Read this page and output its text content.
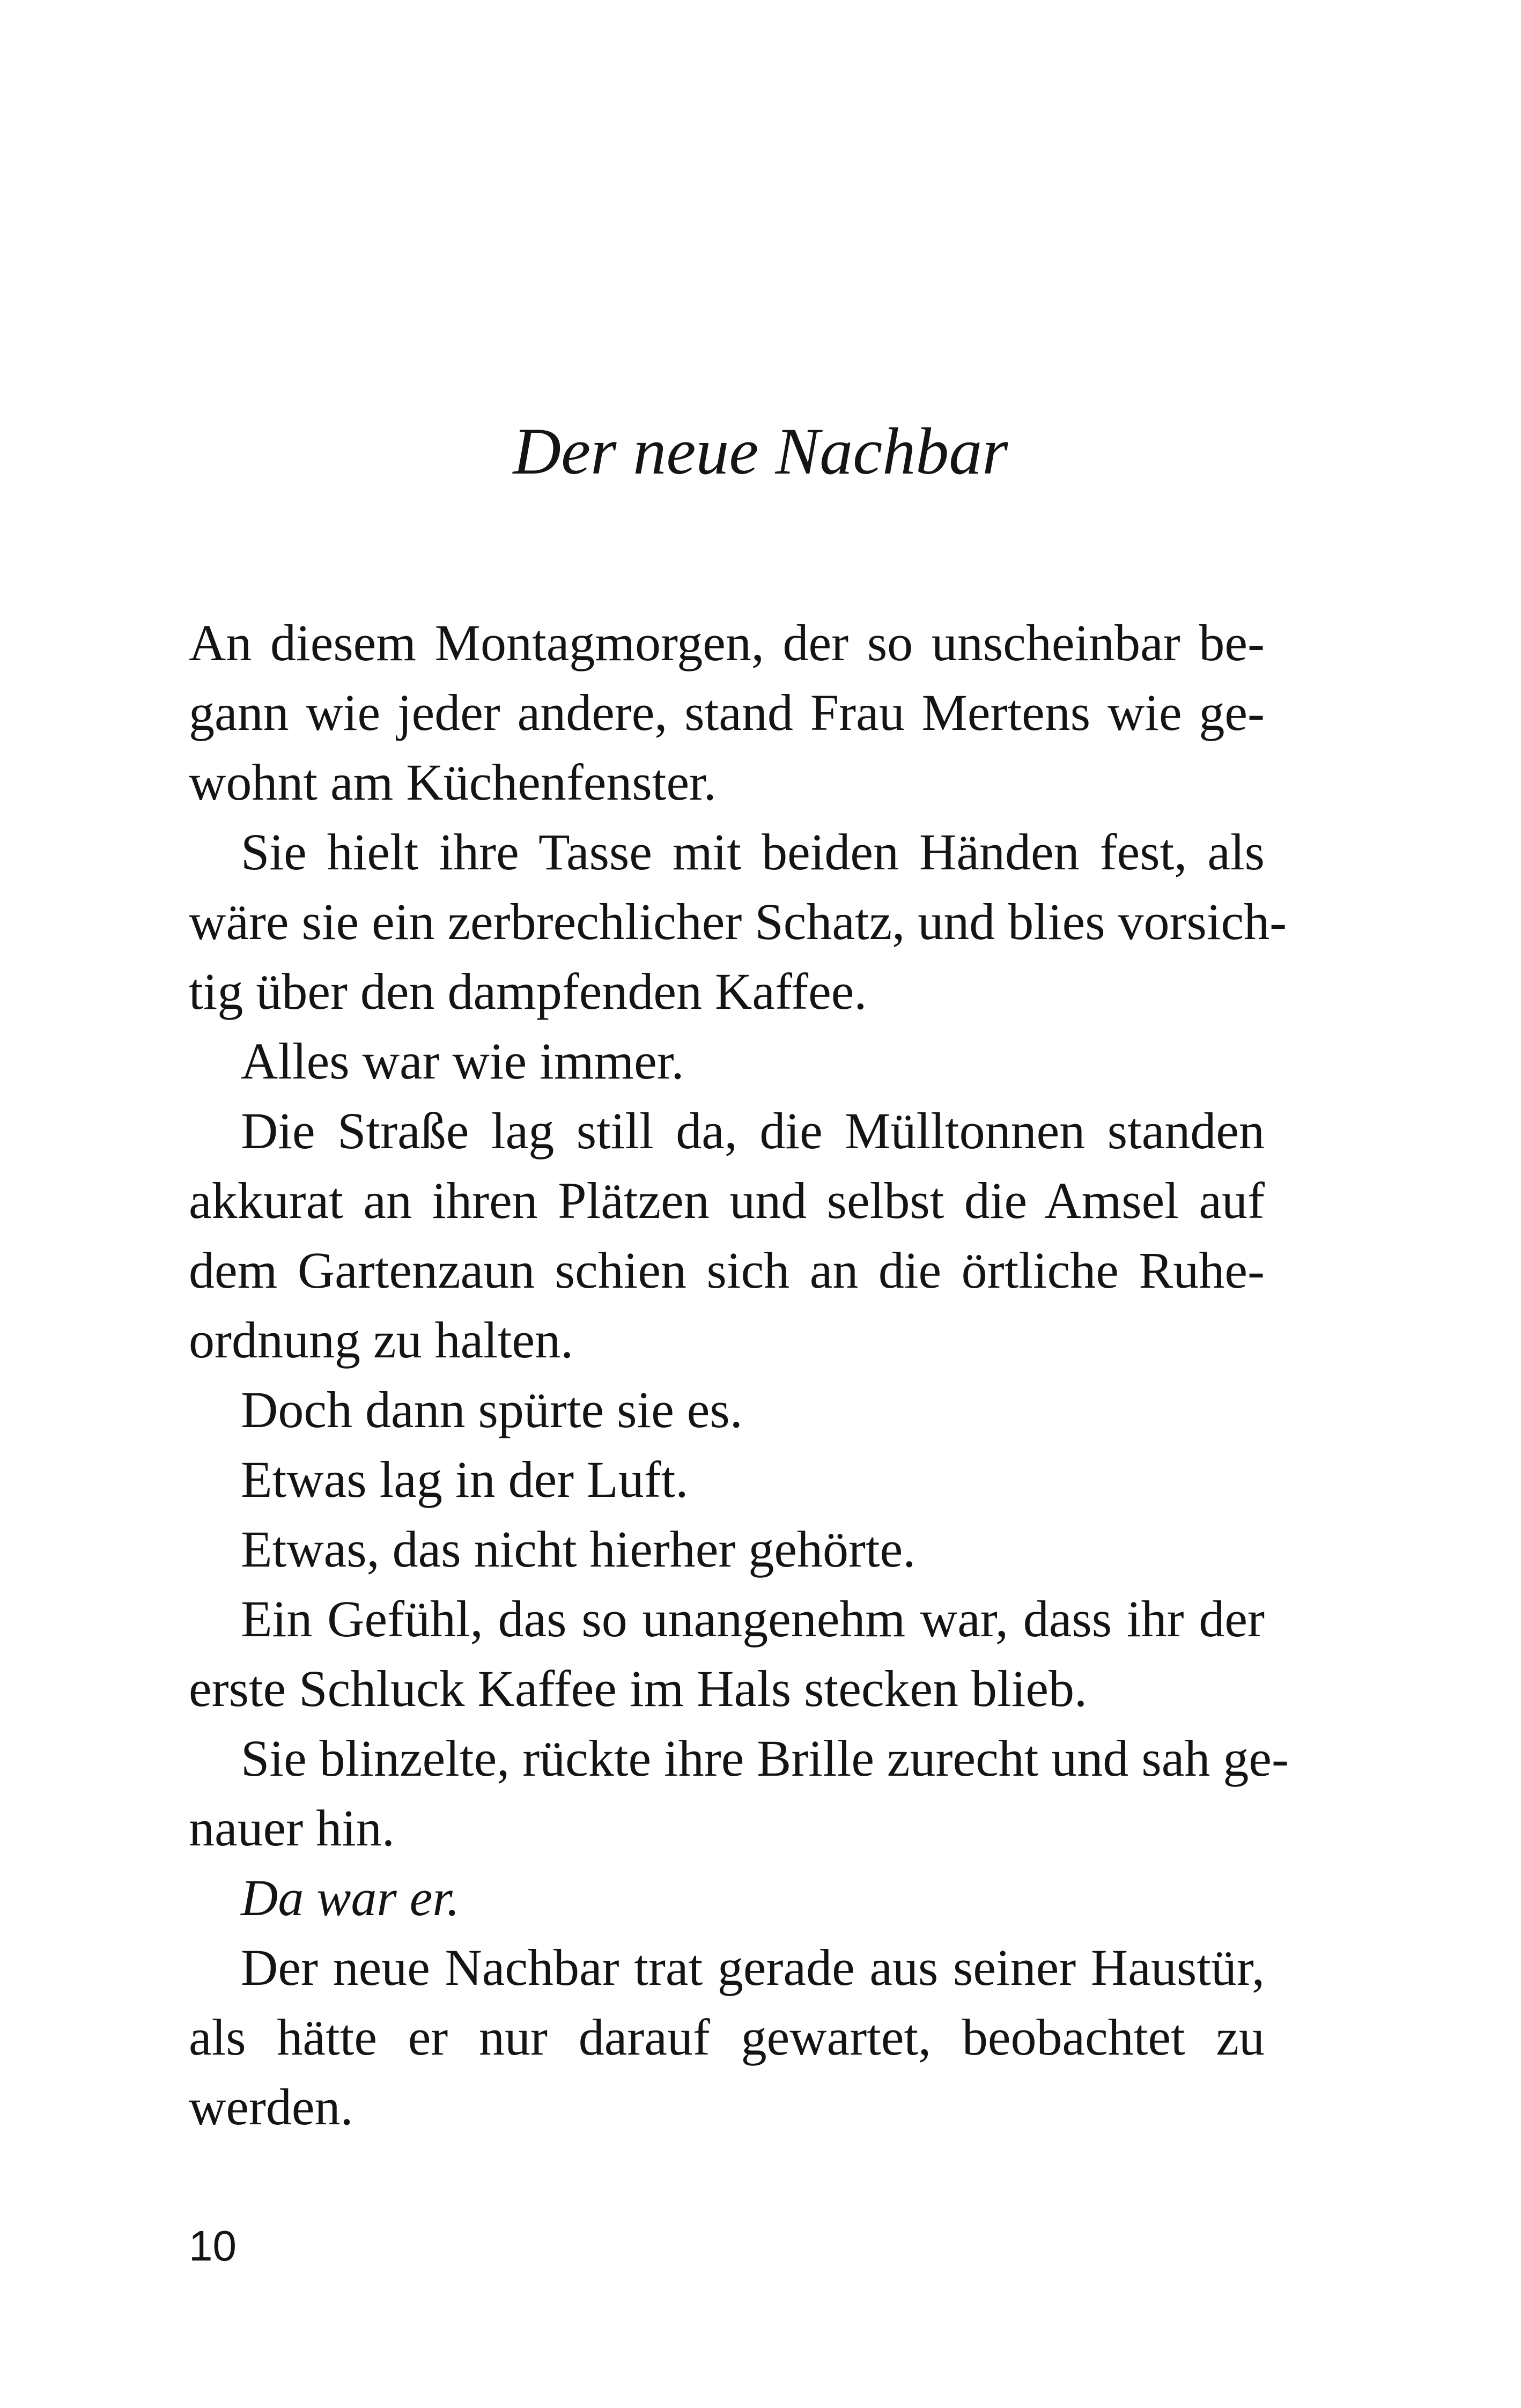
Der neue Nachbar
An diesem Montagmorgen, der so unscheinbar be-
gann wie jeder andere, stand Frau Mertens wie ge-
wohnt am Küchenfenster.
Sie hielt ihre Tasse mit beiden Händen fest, als
wäre sie ein zerbrechlicher Schatz, und blies vorsich-
tig über den dampfenden Kaffee.
Alles war wie immer.
Die Straße lag still da, die Mülltonnen standen
akkurat an ihren Plätzen und selbst die Amsel auf
dem Gartenzaun schien sich an die örtliche Ruhe-
ordnung zu halten.
Doch dann spürte sie es.
Etwas lag in der Luft.
Etwas, das nicht hierher gehörte.
Ein Gefühl, das so unangenehm war, dass ihr der
erste Schluck Kaffee im Hals stecken blieb.
Sie blinzelte, rückte ihre Brille zurecht und sah ge-
nauer hin.
Da war er.
Der neue Nachbar trat gerade aus seiner Haustür,
als hätte er nur darauf gewartet, beobachtet zu
werden.
10
